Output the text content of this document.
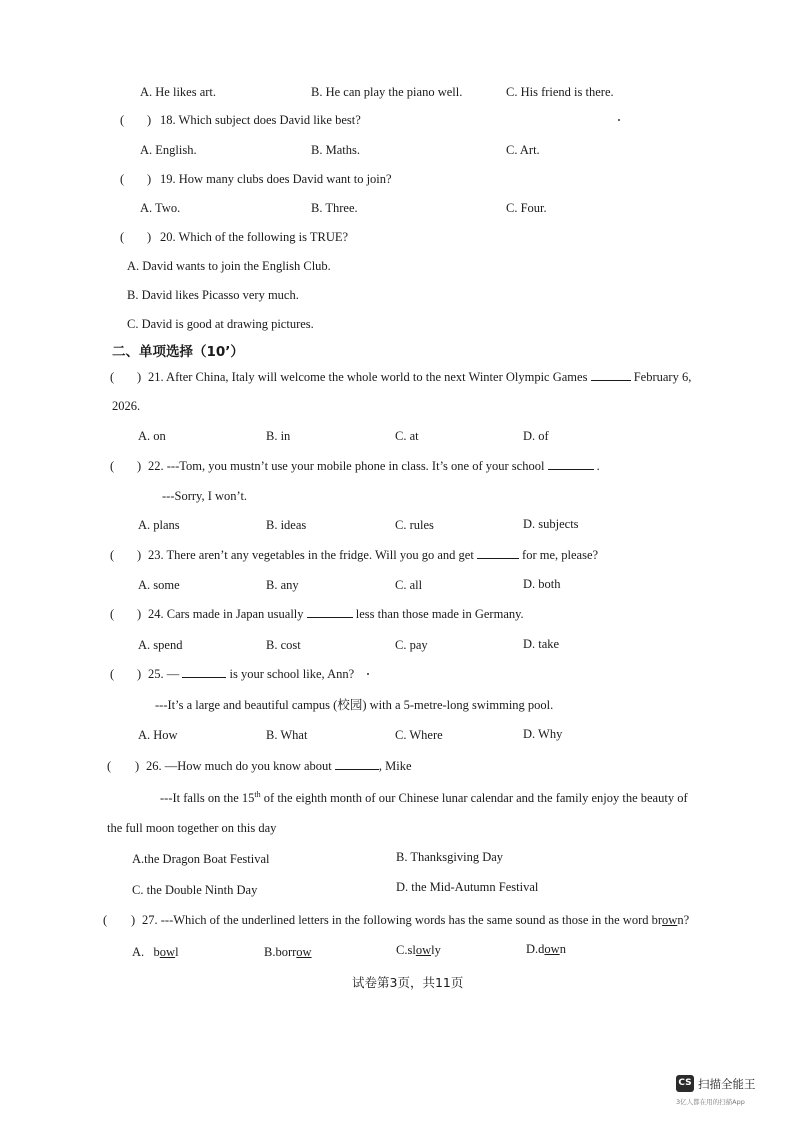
A. He likes art.	B. He can play the piano well.	C. His friend is there.
( ) 18. Which subject does David like best?
A. English.	B. Maths.	C. Art.
( ) 19. How many clubs does David want to join?
A. Two.	B. Three.	C. Four.
( ) 20. Which of the following is TRUE?
A. David wants to join the English Club.
B. David likes Picasso very much.
C. David is good at drawing pictures.
二、单项选择（10’）
( ) 21. After China, Italy will welcome the whole world to the next Winter Olympic Games	February 6,
2026.
A. on	B. in	C. at	D. of
( ) 22. ---Tom, you mustn’t use your mobile phone in class. It’s one of your school	.
---Sorry, I won’t.
A. plans	B. ideas	C. rules	D. subjects
( ) 23. There aren’t any vegetables in the fridge. Will you go and get	for me, please?
A. some	B. any	C. all	D. both
( ) 24. Cars made in Japan usually	less than those made in Germany.
A. spend	B. cost	C. pay	D. take
( ) 25. —	is your school like, Ann?
---It’s a large and beautiful campus (校园) with a 5-metre-long swimming pool.
A. How	B. What	C. Where	D. Why
( ) 26. —How much do you know about	, Mike
---It falls on the 15th of the eighth month of our Chinese lunar calendar and the family enjoy the beauty of
the full moon together on this day
A.the Dragon Boat Festival	B. Thanksgiving Day
C. the Double Ninth Day	D. the Mid-Autumn Festival
( ) 27. ---Which of the underlined letters in the following words has the same sound as those in the word brown?
A. bowl	B.borrow	C.slowly	D.down
试卷第3页，共11页
CS 扫描全能王
3亿人都在用的扫描App
